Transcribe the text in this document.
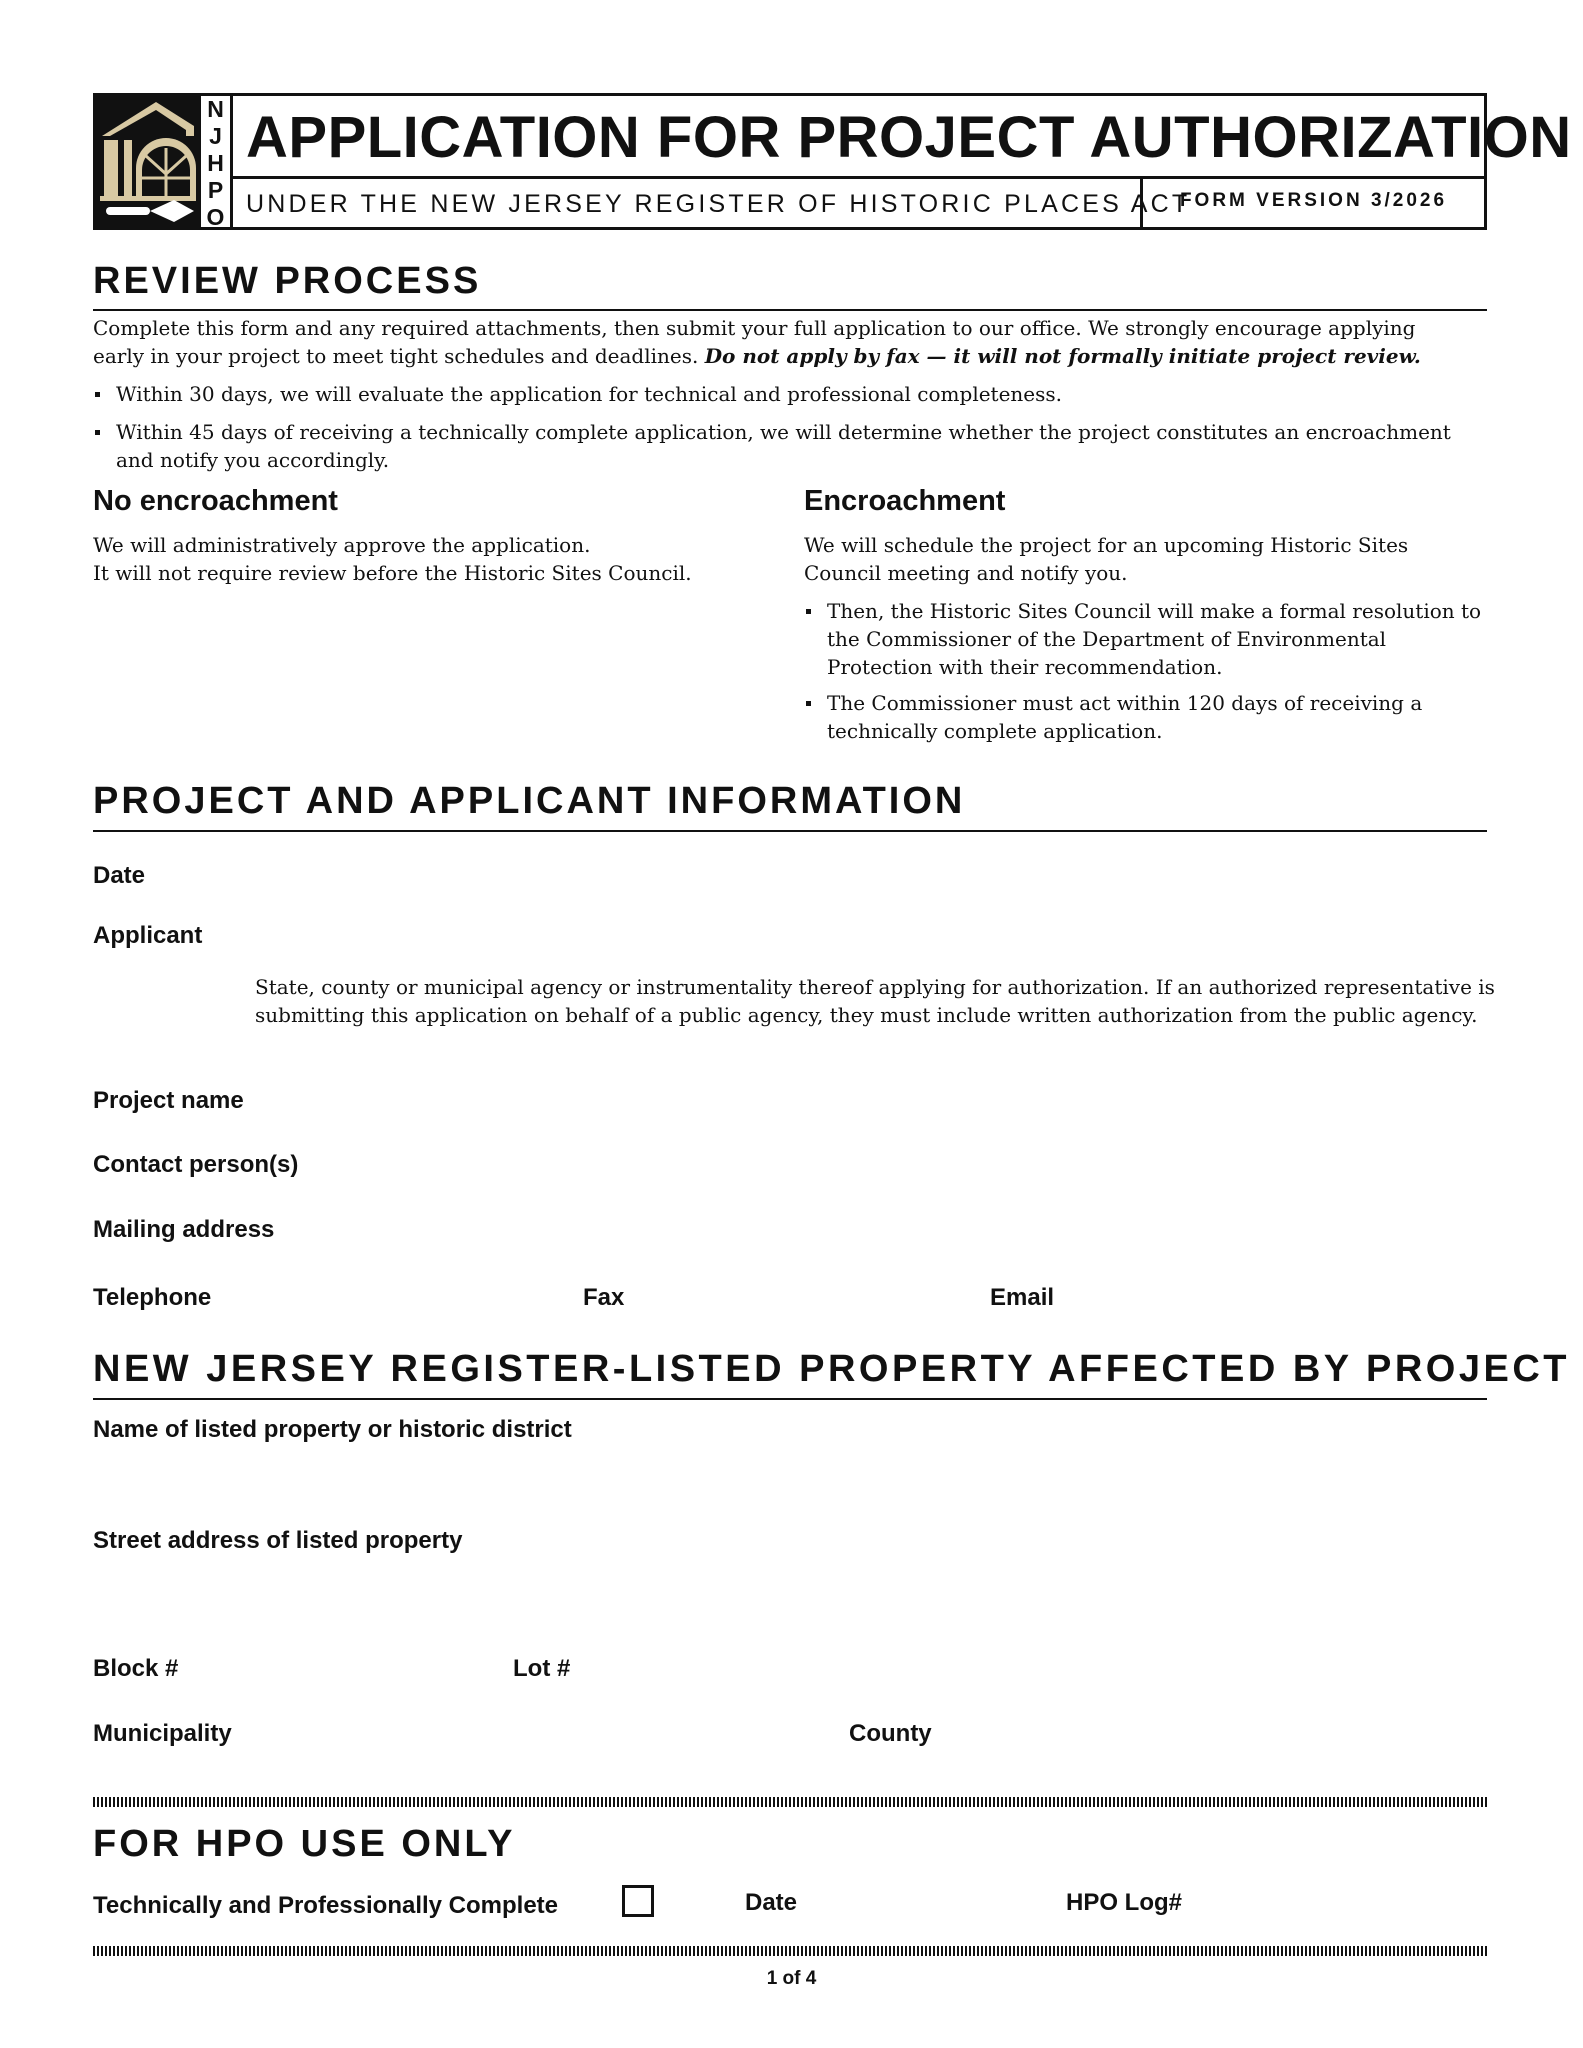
N
J
H
P
O
APPLICATION FOR PROJECT AUTHORIZATION
UNDER THE NEW JERSEY REGISTER OF HISTORIC PLACES ACT
FORM VERSION 3/2026
REVIEW PROCESS
Complete this form and any required attachments, then submit your full application to our office. We strongly encourage applying
early in your project to meet tight schedules and deadlines. Do not apply by fax — it will not formally initiate project review.
Within 30 days, we will evaluate the application for technical and professional completeness.
Within 45 days of receiving a technically complete application, we will determine whether the project constitutes an encroachment and notify you accordingly.
No encroachment
We will administratively approve the application.
It will not require review before the Historic Sites Council.
Encroachment
We will schedule the project for an upcoming Historic Sites Council meeting and notify you.
Then, the Historic Sites Council will make a formal resolution to the Commissioner of the Department of Environmental Protection with their recommendation.
The Commissioner must act within 120 days of receiving a technically complete application.
PROJECT AND APPLICANT INFORMATION
Date
Applicant
State, county or municipal agency or instrumentality thereof applying for authorization. If an authorized representative is submitting this application on behalf of a public agency, they must include written authorization from the public agency.
Project name
Contact person(s)
Mailing address
Telephone	Fax	Email
NEW JERSEY REGISTER-LISTED PROPERTY AFFECTED BY PROJECT
Name of listed property or historic district
Street address of listed property
Block #	Lot #
Municipality	County
FOR HPO USE ONLY
Technically and Professionally Complete	Date	HPO Log#
1 of 4
